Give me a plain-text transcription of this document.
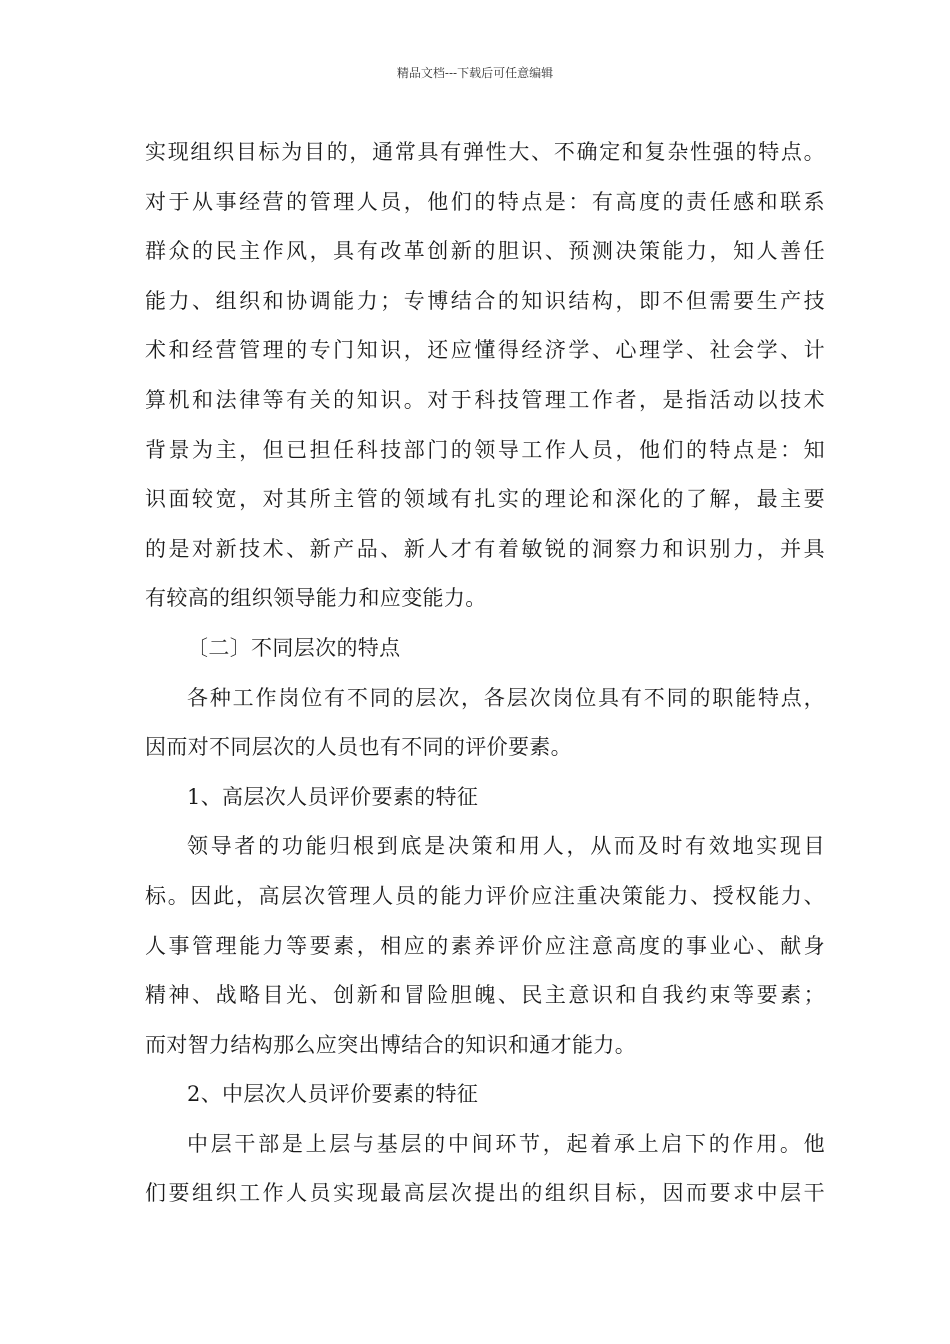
精品文档---下载后可任意编辑
实现组织目标为目的，通常具有弹性大、不确定和复杂性强的特点。
对于从事经营的管理人员，他们的特点是：有高度的责任感和联系
群众的民主作风，具有改革创新的胆识、预测决策能力，知人善任
能力、组织和协调能力；专博结合的知识结构，即不但需要生产技
术和经营管理的专门知识，还应懂得经济学、心理学、社会学、计
算机和法律等有关的知识。对于科技管理工作者，是指活动以技术
背景为主，但已担任科技部门的领导工作人员，他们的特点是：知
识面较宽，对其所主管的领域有扎实的理论和深化的了解，最主要
的是对新技术、新产品、新人才有着敏锐的洞察力和识别力，并具
有较高的组织领导能力和应变能力。
〔二〕不同层次的特点
各种工作岗位有不同的层次，各层次岗位具有不同的职能特点，
因而对不同层次的人员也有不同的评价要素。
1、高层次人员评价要素的特征
领导者的功能归根到底是决策和用人，从而及时有效地实现目
标。因此，高层次管理人员的能力评价应注重决策能力、授权能力、
人事管理能力等要素，相应的素养评价应注意高度的事业心、献身
精神、战略目光、创新和冒险胆魄、民主意识和自我约束等要素；
而对智力结构那么应突出博结合的知识和通才能力。
2、中层次人员评价要素的特征
中层干部是上层与基层的中间环节，起着承上启下的作用。他
们要组织工作人员实现最高层次提出的组织目标，因而要求中层干
